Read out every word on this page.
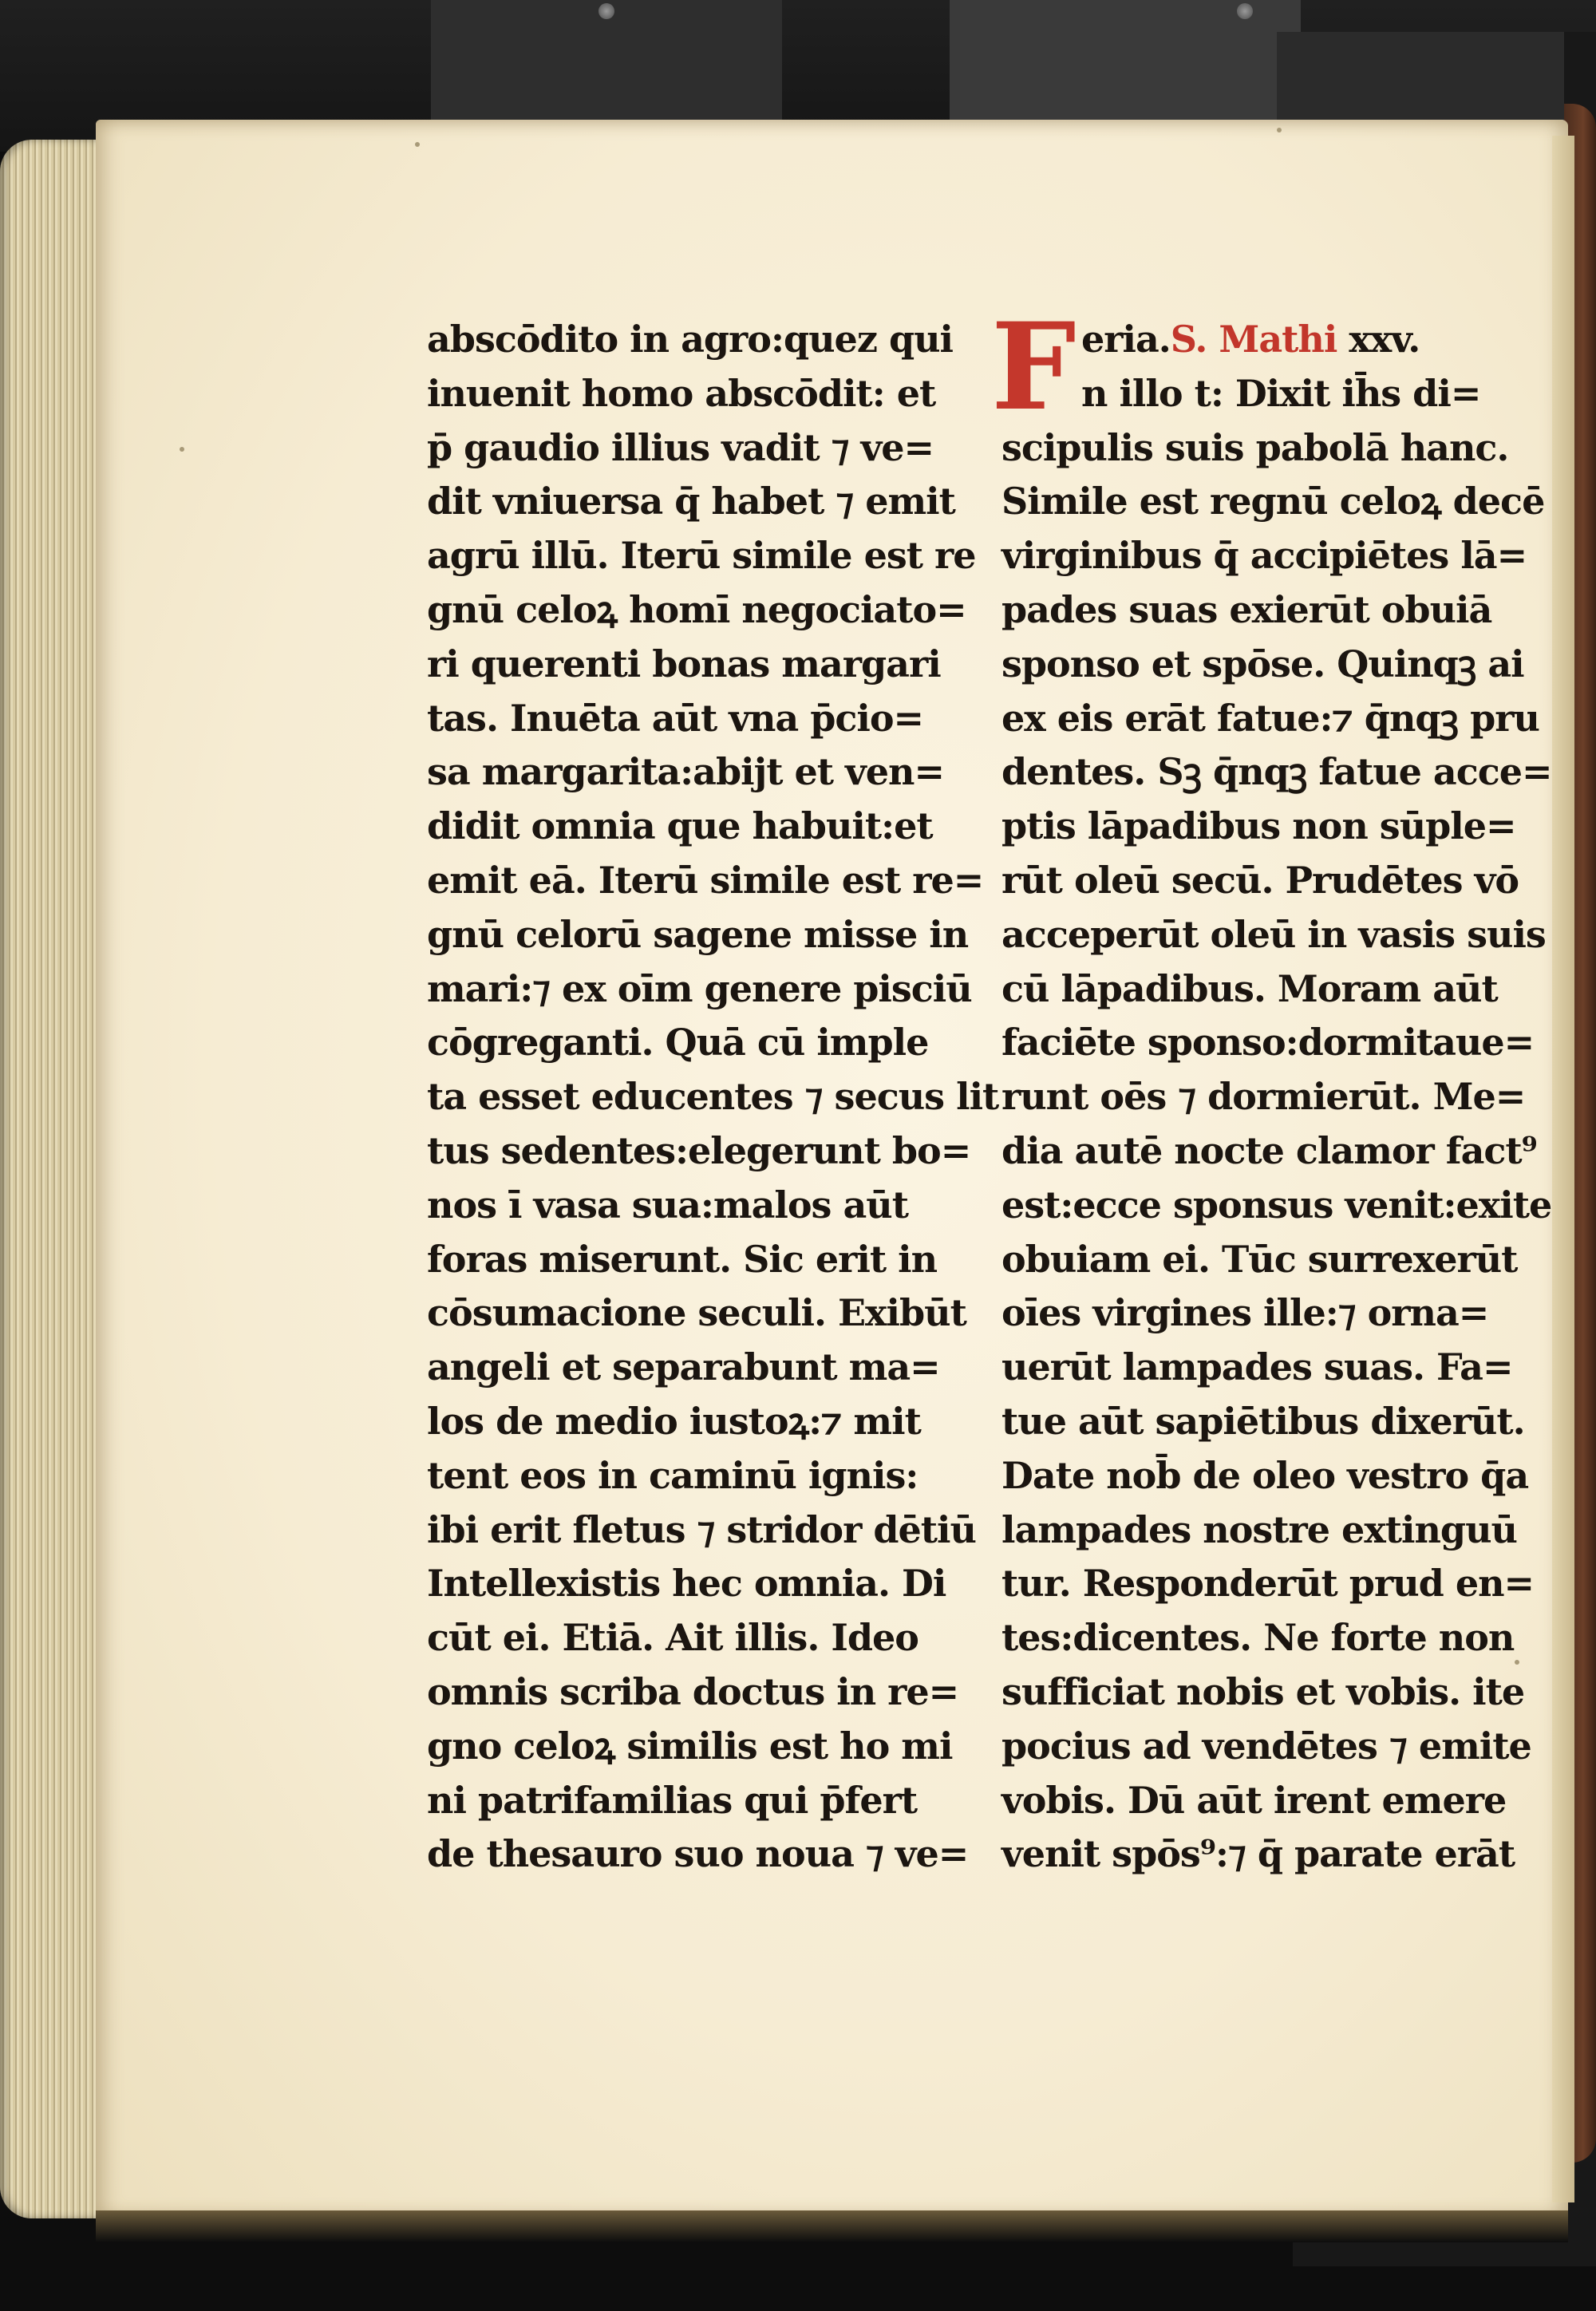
abscōdito in agro:quez qui
inuenit homo abscōdit: et
p̄ gaudio illius vadit ⁊ ve=
dit vniuersa q̄ habet ⁊ emit
agrū illū. Iterū simile est re
gnū celoꝝ homī negociato=
ri querenti bonas margari
tas. Inuēta aūt vna p̄cio=
sa margarita:abijt et ven=
didit omnia que habuit:et
emit eā. Iterū simile est re=
gnū celorū sagene misse in
mari:⁊ ex oīm genere pisciū
cōgreganti. Quā cū imple
ta esset educentes ⁊ secus lit
tus sedentes:elegerunt bo=
nos ī vasa sua:malos aūt
foras miserunt. Sic erit in
cōsumacione seculi. Exibūt
angeli et separabunt ma=
los de medio iustoꝝ:⁊ mit
tent eos in caminū ignis:
ibi erit fletus ⁊ stridor dētiū
Intellexistis hec omnia. Di
cūt ei. Etiā. Ait illis. Ideo
omnis scriba doctus in re=
gno celoꝝ similis est ho mi
ni patrifamilias qui p̄fert
de thesauro suo noua ⁊ ve=
F eria.S. Mathi xxv.
n illo t: Dixit ih̄s di=
scipulis suis pabolā hanc.
Simile est regnū celoꝝ decē
virginibus q̄ accipiētes lā=
pades suas exierūt obuiā
sponso et spōse. Quinqꝫ ai
ex eis erāt fatue:⁊ q̄nqꝫ pru
dentes. Sꝫ q̄nqꝫ fatue acce=
ptis lāpadibus non sūple=
rūt oleū secū. Prudētes vō
acceperūt oleū in vasis suis
cū lāpadibus. Moram aūt
faciēte sponso:dormitaue=
runt oēs ⁊ dormierūt. Me=
dia autē nocte clamor fact⁹
est:ecce sponsus venit:exite
obuiam ei. Tūc surrexerūt
oīes virgines ille:⁊ orna=
uerūt lampades suas. Fa=
tue aūt sapiētibus dixerūt.
Date nob̄ de oleo vestro q̄a
lampades nostre extinguū
tur. Responderūt prud en=
tes:dicentes. Ne forte non
sufficiat nobis et vobis. ite
pocius ad vendētes ⁊ emite
vobis. Dū aūt irent emere
venit spōs⁹:⁊ q̄ parate erāt
